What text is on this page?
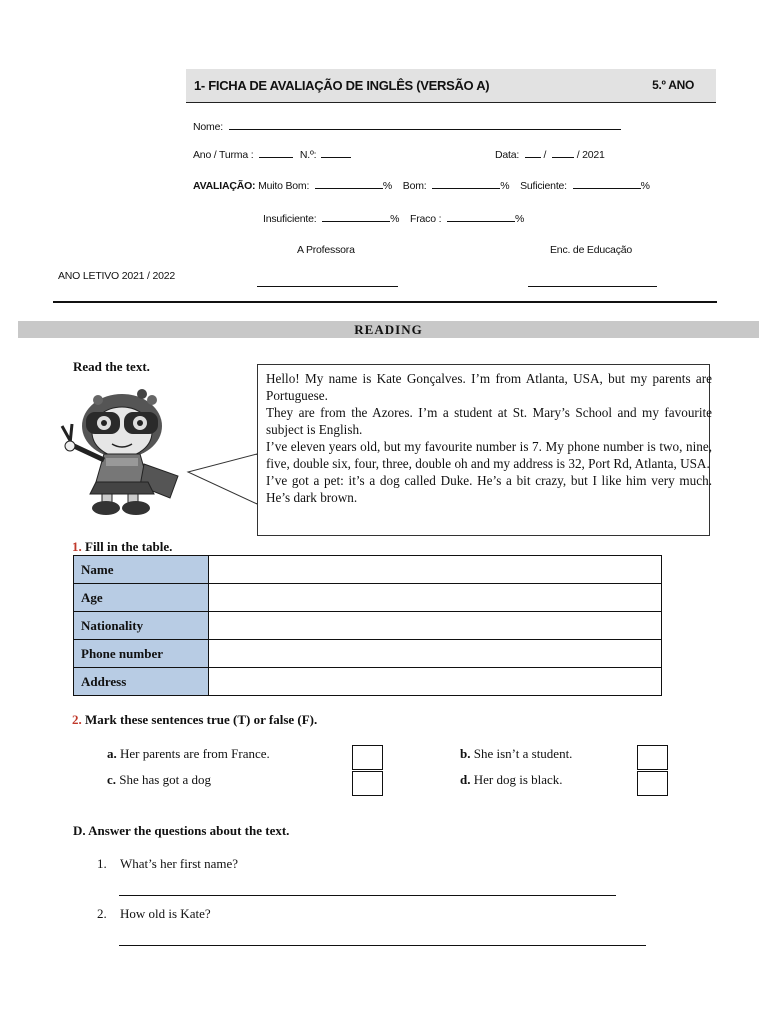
1- FICHA DE AVALIAÇÃO DE INGLÊS (VERSÃO A)	5.º ANO
Nome:
Ano / Turma :	N.º:	Data: /	/ 2021
AVALIAÇÃO: Muito Bom:	% Bom:	% Suficiente:	%
Insuficiente:	% Fraco :	%
A Professora	Enc. de Educação
ANO LETIVO 2021 / 2022
READING
Read the text.
Hello! My name is Kate Gonçalves. I’m from Atlanta, USA, but my parents are Portuguese.
They are from the Azores. I’m a student at St. Mary’s School and my favourite subject is English.
I’ve eleven years old, but my favourite number is 7. My phone number is two, nine, five, double six, four, three, double oh and my address is 32, Port Rd, Atlanta, USA.
I’ve got a pet: it’s a dog called Duke. He’s a bit crazy, but I like him very much. He’s dark brown.
1. Fill in the table.
Name	
Age	
Nationality	
Phone number	
Address	
2. Mark these sentences true (T) or false (F).
a. Her parents are from France.
c. She has got a dog
b. She isn’t a student.
d. Her dog is black.
D. Answer the questions about the text.
1. What’s her first name?
2. How old is Kate?
